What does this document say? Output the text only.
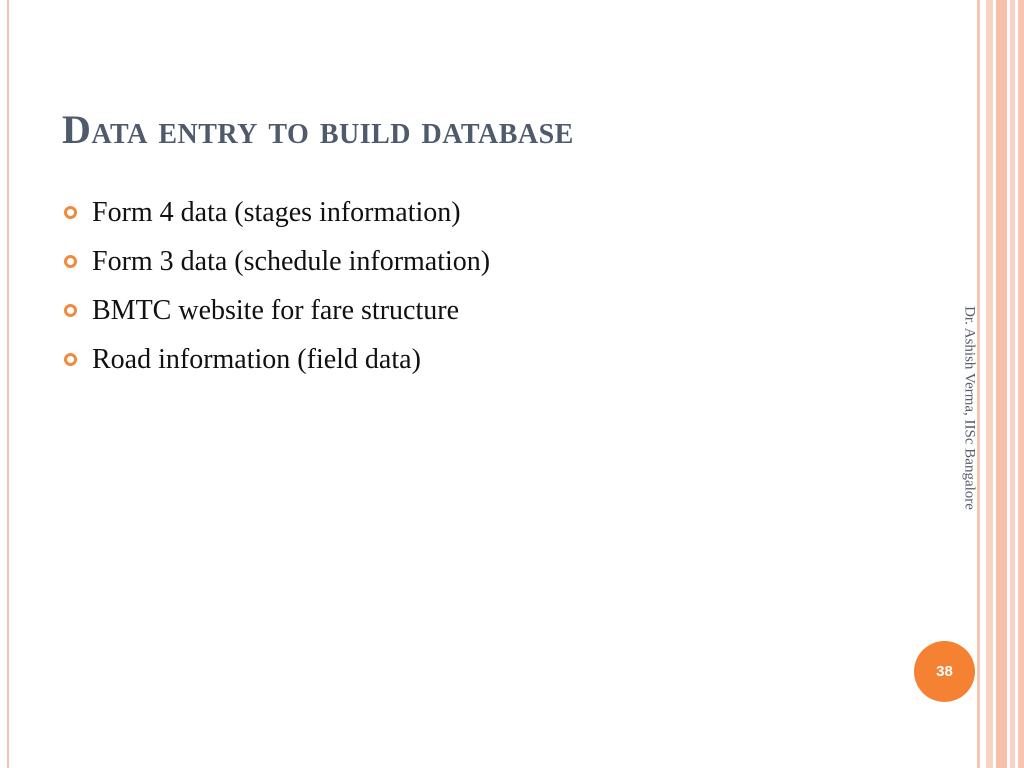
Data entry to build database
Form 4 data (stages information)
Form 3 data (schedule information)
BMTC website for fare structure
Road information (field data)	Dr. Ashish Verma, IISc Bangalore
38
